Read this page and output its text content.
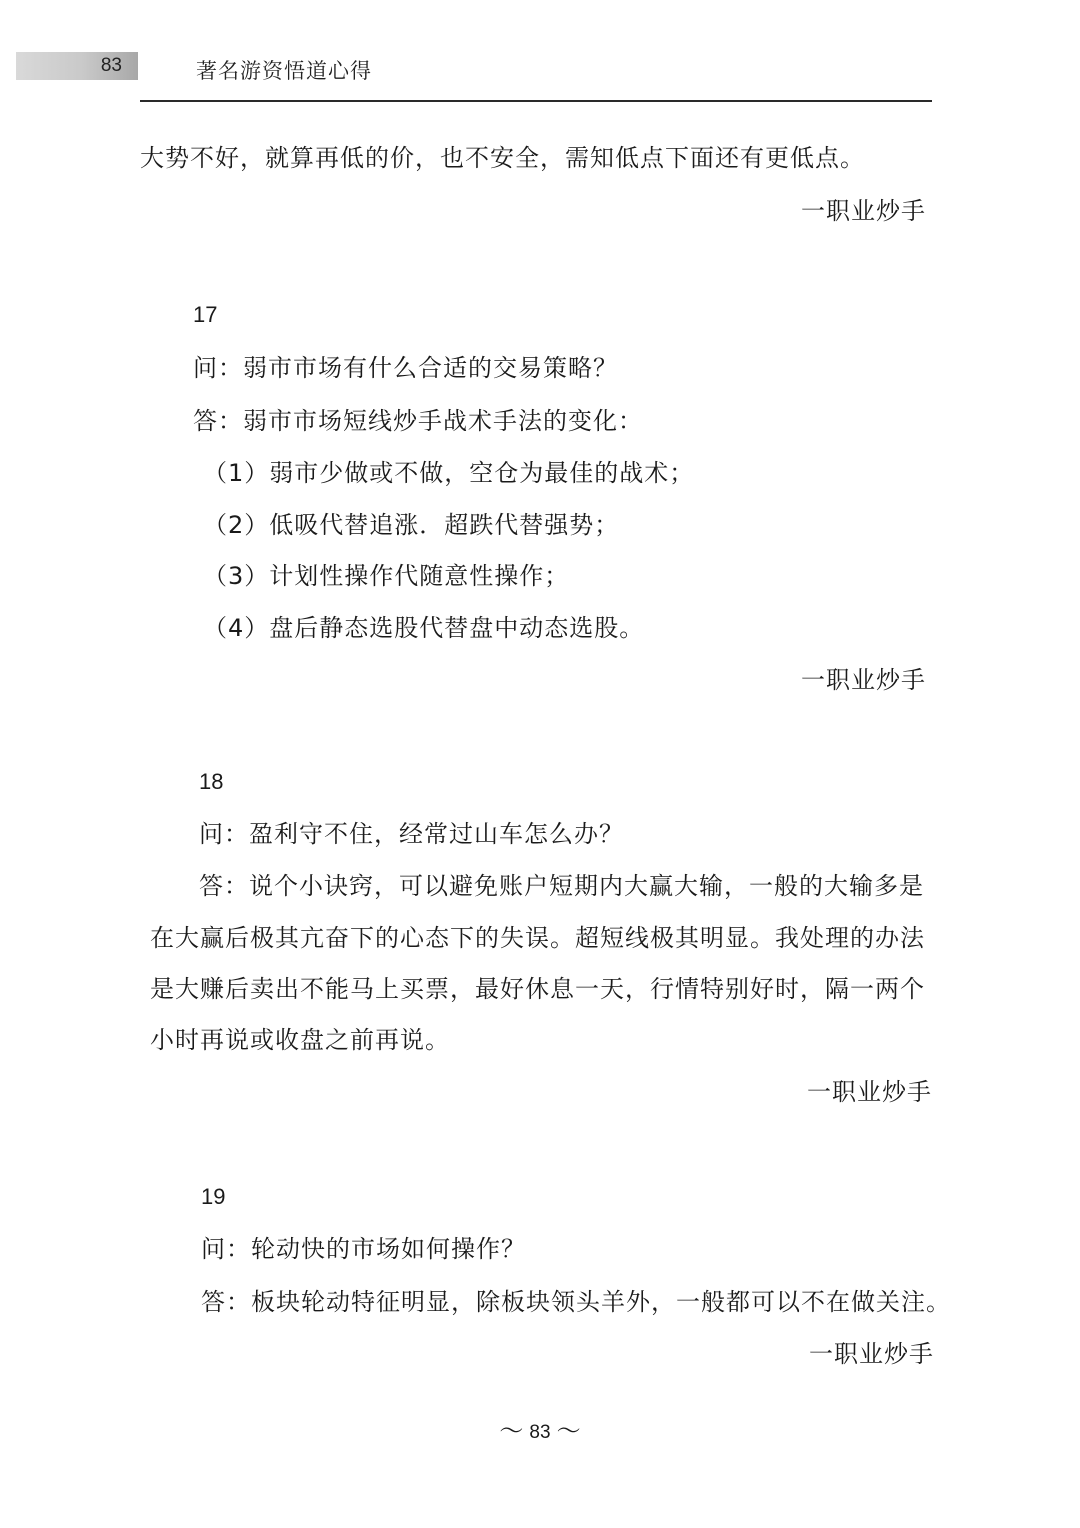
83	著名游资悟道心得
大势不好，就算再低的价，也不安全，需知低点下面还有更低点。
一职业炒手
17
问：弱市市场有什么合适的交易策略？
答：弱市市场短线炒手战术手法的变化：
（1）弱市少做或不做，空仓为最佳的战术；
（2）低吸代替追涨．超跌代替强势；
（3）计划性操作代随意性操作；
（4）盘后静态选股代替盘中动态选股。
一职业炒手
18
问：盈利守不住，经常过山车怎么办？
答：说个小诀窍，可以避免账户短期内大赢大输，一般的大输多是
在大赢后极其亢奋下的心态下的失误。超短线极其明显。我处理的办法
是大赚后卖出不能马上买票，最好休息一天，行情特别好时，隔一两个
小时再说或收盘之前再说。
一职业炒手
19
问：轮动快的市场如何操作？
答：板块轮动特征明显，除板块领头羊外，一般都可以不在做关注。
一职业炒手
～ 83 ～
